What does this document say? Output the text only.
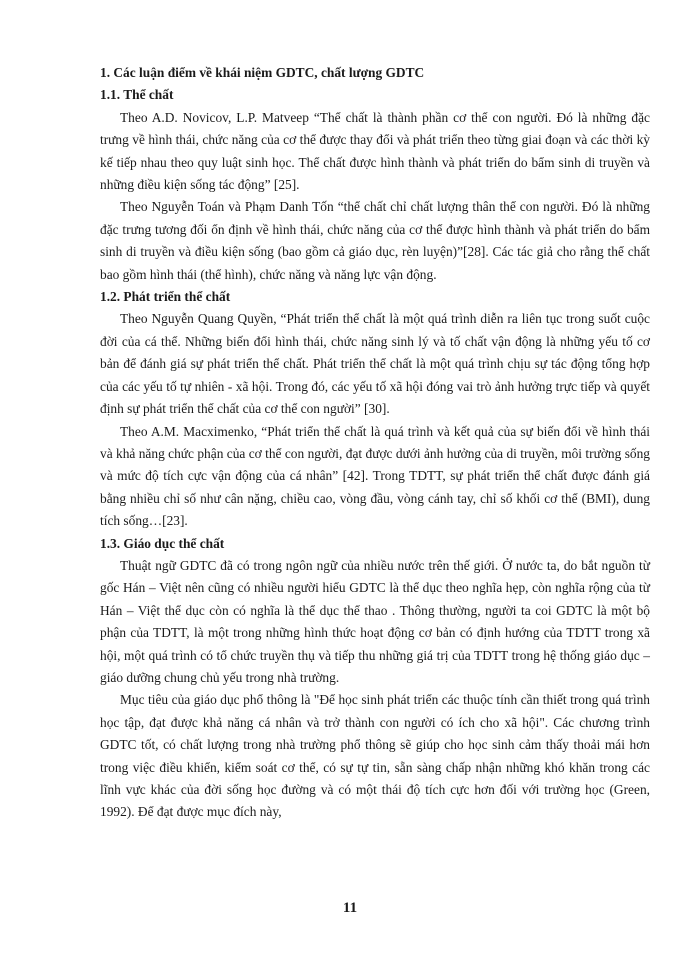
1. Các luận điểm về khái niệm GDTC, chất lượng GDTC

1.1. Thể chất

Theo A.D. Novicov, L.P. Matveep “Thể chất là thành phần cơ thể con người. Đó là những đặc trưng về hình thái, chức năng của cơ thể được thay đổi và phát triển theo từng giai đoạn và các thời kỳ kế tiếp nhau theo quy luật sinh học. Thể chất được hình thành và phát triển do bẩm sinh di truyền và những điều kiện sống tác động” [25].

Theo Nguyễn Toán và Phạm Danh Tốn “thể chất chỉ chất lượng thân thể con người. Đó là những đặc trưng tương đối ổn định về hình thái, chức năng của cơ thể được hình thành và phát triển do bẩm sinh di truyền và điều kiện sống (bao gồm cả giáo dục, rèn luyện)”[28]. Các tác giả cho rằng thể chất bao gồm hình thái (thể hình), chức năng và năng lực vận động.

1.2. Phát triển thể chất

Theo Nguyễn Quang Quyền, “Phát triển thể chất là một quá trình diễn ra liên tục trong suốt cuộc đời của cá thể. Những biến đổi hình thái, chức năng sinh lý và tố chất vận động là những yếu tố cơ bản để đánh giá sự phát triển thể chất. Phát triển thể chất là một quá trình chịu sự tác động tổng hợp của các yếu tố tự nhiên - xã hội. Trong đó, các yếu tố xã hội đóng vai trò ảnh hưởng trực tiếp và quyết định sự phát triển thể chất của cơ thể con người” [30].

Theo A.M. Macximenko, “Phát triển thể chất là quá trình và kết quả của sự biến đổi về hình thái và khả năng chức phận của cơ thể con người, đạt được dưới ảnh hưởng của di truyền, môi trường sống và mức độ tích cực vận động của cá nhân” [42]. Trong TDTT, sự phát triển thể chất được đánh giá bằng nhiều chỉ số như cân nặng, chiều cao, vòng đầu, vòng cánh tay, chỉ số khối cơ thể (BMI), dung tích sống…[23].

1.3. Giáo dục thể chất

Thuật ngữ GDTC đã có trong ngôn ngữ của nhiều nước trên thế giới. Ở nước ta, do bắt nguồn từ gốc Hán – Việt nên cũng có nhiều người hiểu GDTC là thể dục theo nghĩa hẹp, còn nghĩa rộng của từ Hán – Việt thể dục còn có nghĩa là thể dục thể thao . Thông thường, người ta coi GDTC là một bộ phận của TDTT, là một trong những hình thức hoạt động cơ bản có định hướng của TDTT trong xã hội, một quá trình có tổ chức truyền thụ và tiếp thu những giá trị của TDTT trong hệ thống giáo dục – giáo dưỡng chung chủ yếu trong nhà trường.

Mục tiêu của giáo dục phổ thông là "Để học sinh phát triển các thuộc tính cần thiết trong quá trình học tập, đạt được khả năng cá nhân và trở thành con người có ích cho xã hội". Các chương trình GDTC tốt, có chất lượng trong nhà trường phổ thông sẽ giúp cho học sinh cảm thấy thoải mái hơn trong việc điều khiển, kiểm soát cơ thể, có sự tự tin, sẵn sàng chấp nhận những khó khăn trong các lĩnh vực khác của đời sống học đường và có một thái độ tích cực hơn đối với trường học (Green, 1992). Để đạt được mục đích này,

11
